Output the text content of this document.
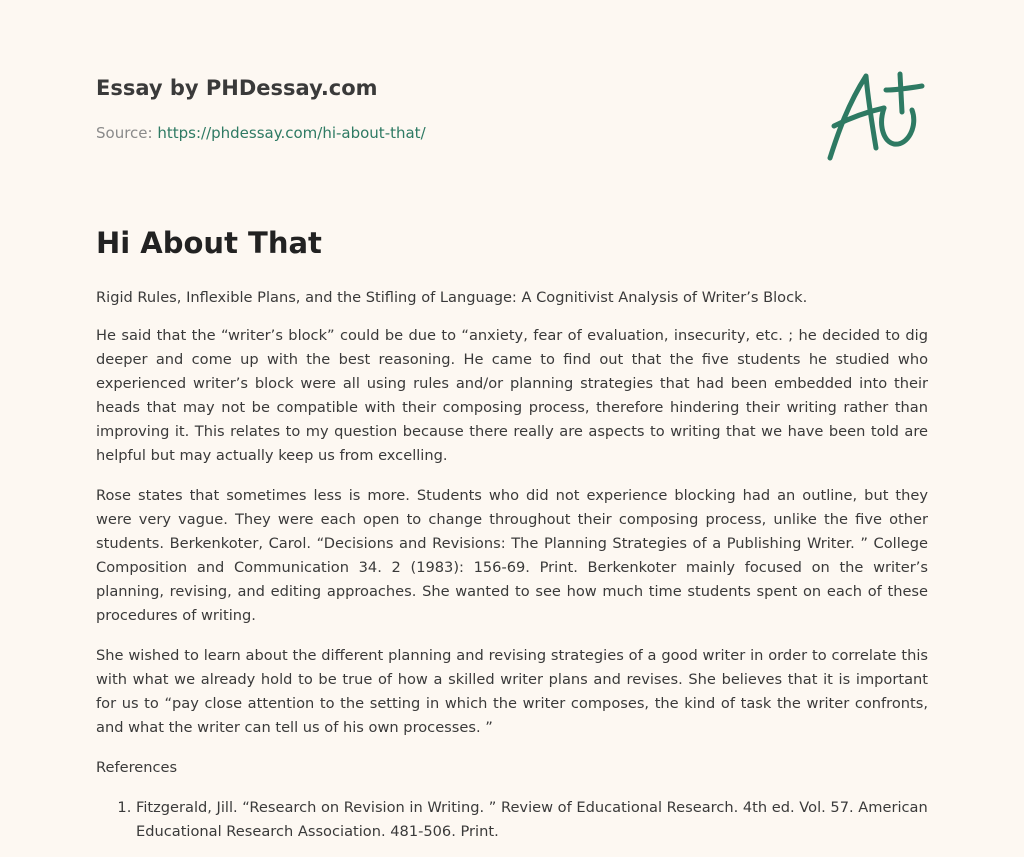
Essay by PHDessay.com
Source: https://phdessay.com/hi-about-that/
Hi About That

Rigid Rules, Inflexible Plans, and the Stifling of Language: A Cognitivist Analysis of Writer’s Block.

He said that the “writer’s block” could be due to “anxiety, fear of evaluation, insecurity, etc. ; he decided to dig deeper and come up with the best reasoning. He came to find out that the five students he studied who experienced writer’s block were all using rules and/or planning strategies that had been embedded into their heads that may not be compatible with their composing process, therefore hindering their writing rather than improving it. This relates to my question because there really are aspects to writing that we have been told are helpful but may actually keep us from excelling.

Rose states that sometimes less is more. Students who did not experience blocking had an outline, but they were very vague. They were each open to change throughout their composing process, unlike the five other students. Berkenkoter, Carol. “Decisions and Revisions: The Planning Strategies of a Publishing Writer. ” College Composition and Communication 34. 2 (1983): 156-69. Print. Berkenkoter mainly focused on the writer’s planning, revising, and editing approaches. She wanted to see how much time students spent on each of these procedures of writing.

She wished to learn about the different planning and revising strategies of a good writer in order to correlate this with what we already hold to be true of how a skilled writer plans and revises. She believes that it is important for us to “pay close attention to the setting in which the writer composes, the kind of task the writer confronts, and what the writer can tell us of his own processes. ”

References

1. Fitzgerald, Jill. “Research on Revision in Writing. ” Review of Educational Research. 4th ed. Vol. 57. American Educational Research Association. 481-506. Print.
